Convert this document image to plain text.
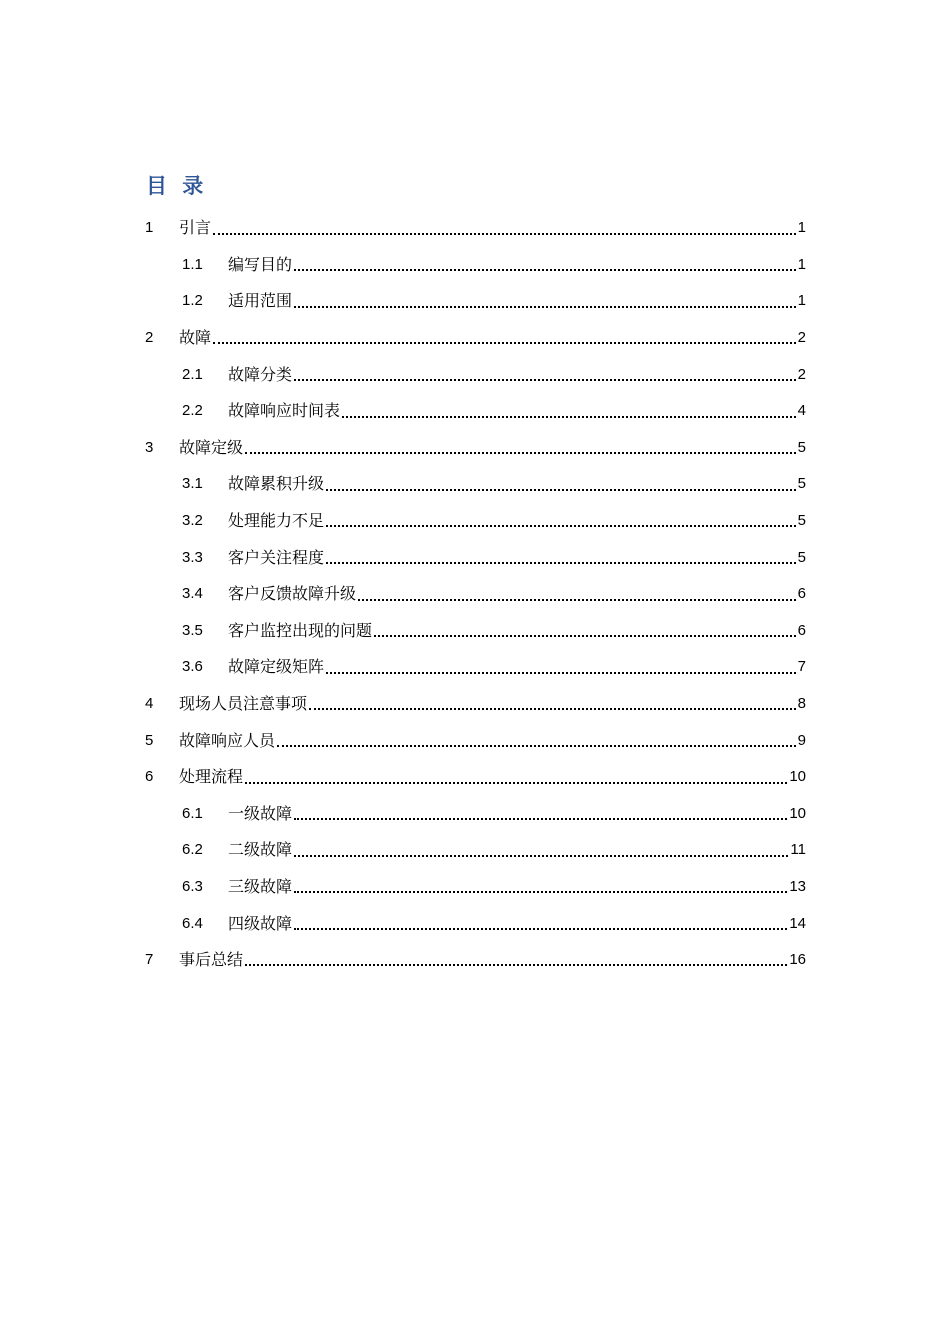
目 录
1	引言	1
1.1	编写目的	1
1.2	适用范围	1
2	故障	2
2.1	故障分类	2
2.2	故障响应时间表	4
3	故障定级	5
3.1	故障累积升级	5
3.2	处理能力不足	5
3.3	客户关注程度	5
3.4	客户反馈故障升级	6
3.5	客户监控出现的问题	6
3.6	故障定级矩阵	7
4	现场人员注意事项	8
5	故障响应人员	9
6	处理流程	10
6.1	一级故障	10
6.2	二级故障	11
6.3	三级故障	13
6.4	四级故障	14
7	事后总结	16
